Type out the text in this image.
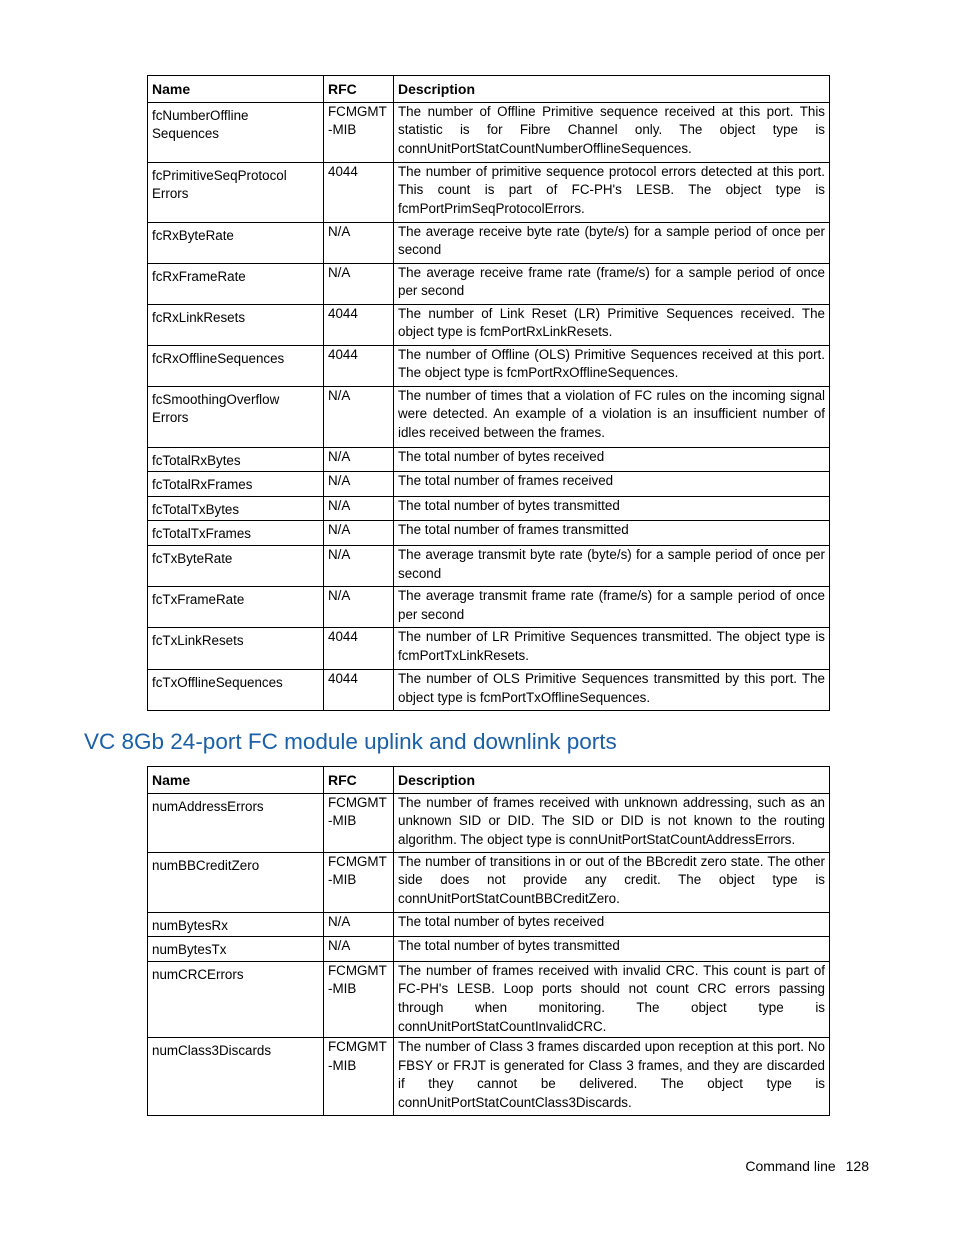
Name	RFC	Description
fcNumberOffline Sequences	FCMGMT -MIB	The number of Offline Primitive sequence received at this port. This statistic is for Fibre Channel only. The object type is connUnitPortStatCountNumberOfflineSequences.
fcPrimitiveSeqProtocol Errors	4044	The number of primitive sequence protocol errors detected at this port. This count is part of FC-PH's LESB. The object type is fcmPortPrimSeqProtocolErrors.
fcRxByteRate	N/A	The average receive byte rate (byte/s) for a sample period of once per second
fcRxFrameRate	N/A	The average receive frame rate (frame/s) for a sample period of once per second
fcRxLinkResets	4044	The number of Link Reset (LR) Primitive Sequences received. The object type is fcmPortRxLinkResets.
fcRxOfflineSequences	4044	The number of Offline (OLS) Primitive Sequences received at this port. The object type is fcmPortRxOfflineSequences.
fcSmoothingOverflow Errors	N/A	The number of times that a violation of FC rules on the incoming signal were detected. An example of a violation is an insufficient number of idles received between the frames.
fcTotalRxBytes	N/A	The total number of bytes received
fcTotalRxFrames	N/A	The total number of frames received
fcTotalTxBytes	N/A	The total number of bytes transmitted
fcTotalTxFrames	N/A	The total number of frames transmitted
fcTxByteRate	N/A	The average transmit byte rate (byte/s) for a sample period of once per second
fcTxFrameRate	N/A	The average transmit frame rate (frame/s) for a sample period of once per second
fcTxLinkResets	4044	The number of LR Primitive Sequences transmitted. The object type is fcmPortTxLinkResets.
fcTxOfflineSequences	4044	The number of OLS Primitive Sequences transmitted by this port. The object type is fcmPortTxOfflineSequences.
VC 8Gb 24-port FC module uplink and downlink ports
Name	RFC	Description
numAddressErrors	FCMGMT -MIB	The number of frames received with unknown addressing, such as an unknown SID or DID. The SID or DID is not known to the routing algorithm. The object type is connUnitPortStatCountAddressErrors.
numBBCreditZero	FCMGMT -MIB	The number of transitions in or out of the BBcredit zero state. The other side does not provide any credit. The object type is connUnitPortStatCountBBCreditZero.
numBytesRx	N/A	The total number of bytes received
numBytesTx	N/A	The total number of bytes transmitted
numCRCErrors	FCMGMT -MIB	The number of frames received with invalid CRC. This count is part of FC-PH's LESB. Loop ports should not count CRC errors passing through when monitoring. The object type is connUnitPortStatCountInvalidCRC.
numClass3Discards	FCMGMT -MIB	The number of Class 3 frames discarded upon reception at this port. No FBSY or FRJT is generated for Class 3 frames, and they are discarded if they cannot be delivered. The object type is connUnitPortStatCountClass3Discards.
Command line 128
